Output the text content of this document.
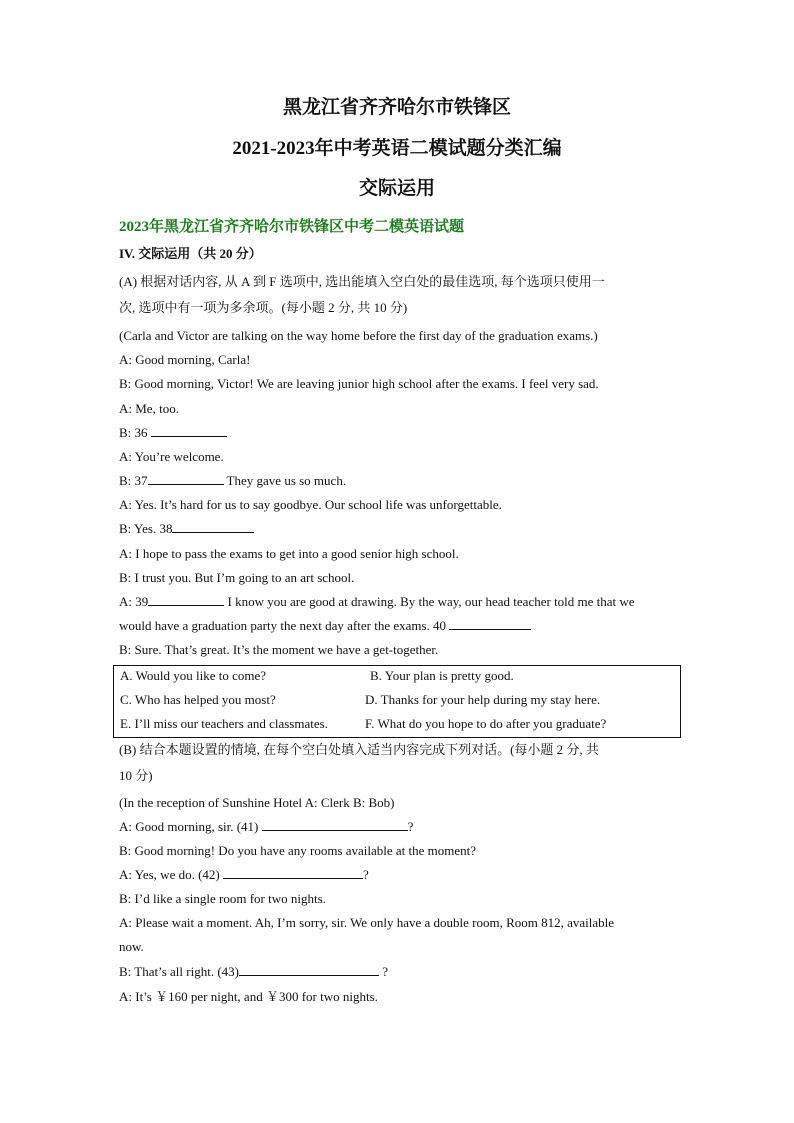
黑龙江省齐齐哈尔市铁锋区
2021-2023年中考英语二模试题分类汇编
交际运用
2023年黑龙江省齐齐哈尔市铁锋区中考二模英语试题
IV. 交际运用（共 20 分）
(A) 根据对话内容, 从 A 到 F 选项中, 选出能填入空白处的最佳选项, 每个选项只使用一
次, 选项中有一项为多余项。(每小题 2 分, 共 10 分)
(Carla and Victor are talking on the way home before the first day of the graduation exams.)
A: Good morning, Carla!
B: Good morning, Victor! We are leaving junior high school after the exams. I feel very sad.
A: Me, too.
B: 36
A: You’re welcome.
B: 37	They gave us so much.
A: Yes. It’s hard for us to say goodbye. Our school life was unforgettable.
B: Yes. 38
A: I hope to pass the exams to get into a good senior high school.
B: I trust you. But I’m going to an art school.
A: 39	I know you are good at drawing. By the way, our head teacher told me that we
would have a graduation party the next day after the exams. 40
B: Sure. That’s great. It’s the moment we have a get-together.
A. Would you like to come?	B. Your plan is pretty good.
C. Who has helped you most?	D. Thanks for your help during my stay here.
E. I’ll miss our teachers and classmates.	F. What do you hope to do after you graduate?
(B) 结合本题设置的情境, 在每个空白处填入适当内容完成下列对话。(每小题 2 分, 共
10 分)
(In the reception of Sunshine Hotel A: Clerk B: Bob)
A: Good morning, sir. (41)	?
B: Good morning! Do you have any rooms available at the moment?
A: Yes, we do. (42)	?
B: I’d like a single room for two nights.
A: Please wait a moment. Ah, I’m sorry, sir. We only have a double room, Room 812, available
now.
B: That’s all right. (43)	?
A: It’s ￥160 per night, and ￥300 for two nights.
